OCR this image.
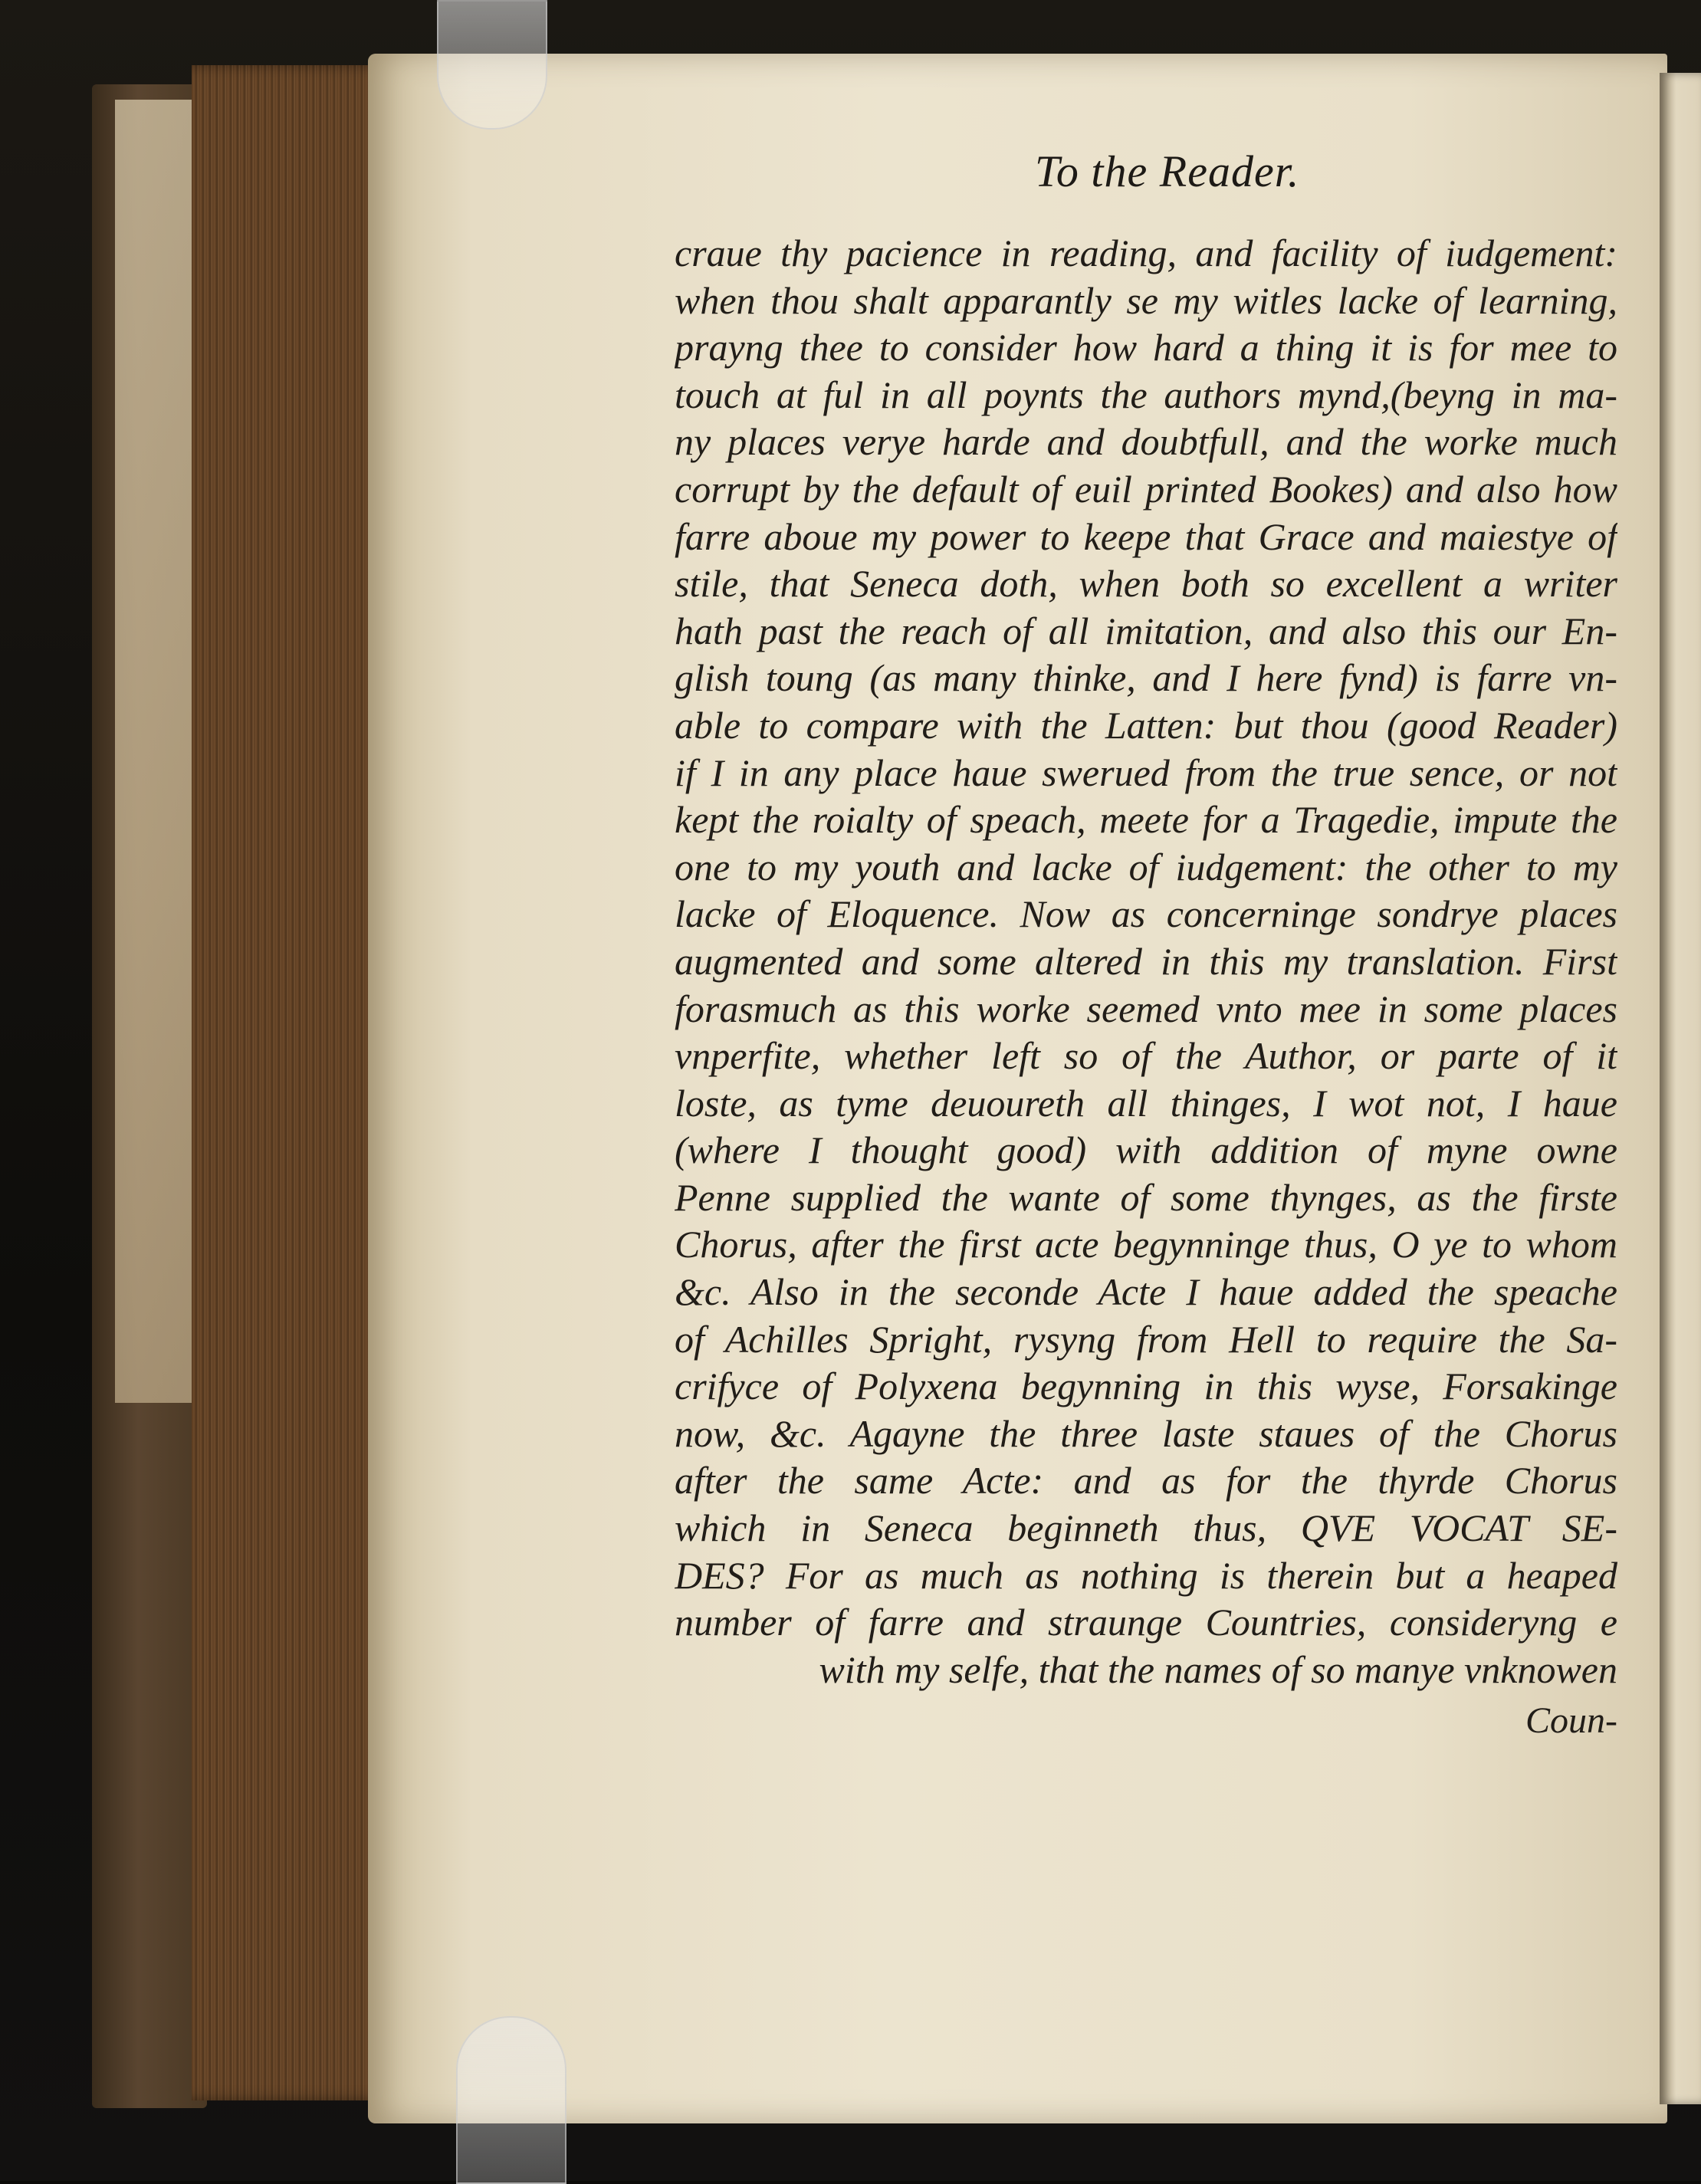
To the Reader.
craue thy pacience in reading, and facility of iudgement:
when thou shalt apparantly se my witles lacke of learning,
prayng thee to consider how hard a thing it is for mee to
touch at ful in all poynts the authors mynd,(beyng in ma-
ny places verye harde and doubtfull, and the worke much
corrupt by the default of euil printed Bookes) and also how
farre aboue my power to keepe that Grace and maiestye of
stile, that Seneca doth, when both so excellent a writer
hath past the reach of all imitation, and also this our En-
glish toung (as many thinke, and I here fynd) is farre vn-
able to compare with the Latten: but thou (good Reader)
if I in any place haue swerued from the true sence, or not
kept the roialty of speach, meete for a Tragedie, impute the
one to my youth and lacke of iudgement: the other to my
lacke of Eloquence. Now as concerninge sondrye places
augmented and some altered in this my translation. First
forasmuch as this worke seemed vnto mee in some places
vnperfite, whether left so of the Author, or parte of it
loste, as tyme deuoureth all thinges, I wot not, I haue
(where I thought good) with addition of myne owne
Penne supplied the wante of some thynges, as the firste
Chorus, after the first acte begynninge thus, O ye to whom
&c. Also in the seconde Acte I haue added the speache
of Achilles Spright, rysyng from Hell to require the Sa-
crifyce of Polyxena begynning in this wyse, Forsakinge
now, &c. Agayne the three laste staues of the Chorus
after the same Acte: and as for the thyrde Chorus
which in Seneca beginneth thus, QVE VOCAT SE-
DES? For as much as nothing is therein but a heaped
number of farre and straunge Countries, consideryng e
with my selfe, that the names of so manye vnknowen
Coun-
